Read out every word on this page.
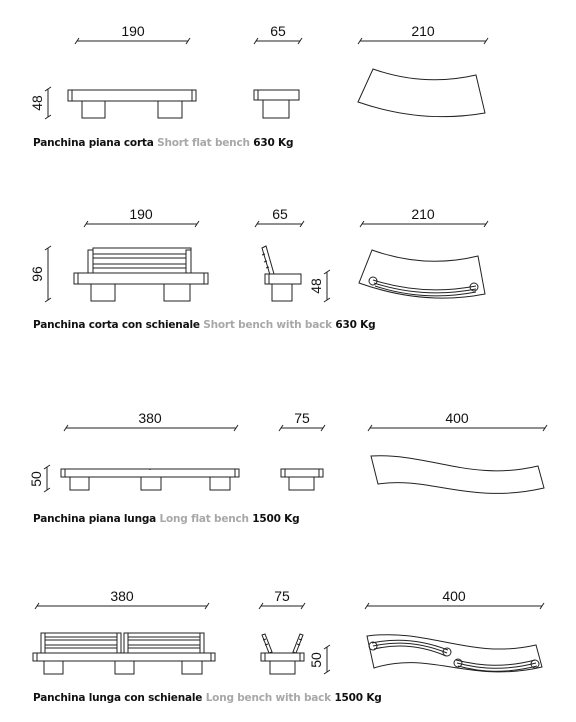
190	65	210
48
190	65	210
96
48
380	75	400
50
380	75	400
50
Panchina piana corta Short flat bench 630 Kg
Panchina corta con schienale Short bench with back 630 Kg
Panchina piana lunga Long flat bench 1500 Kg
Panchina lunga con schienale Long bench with back 1500 Kg
